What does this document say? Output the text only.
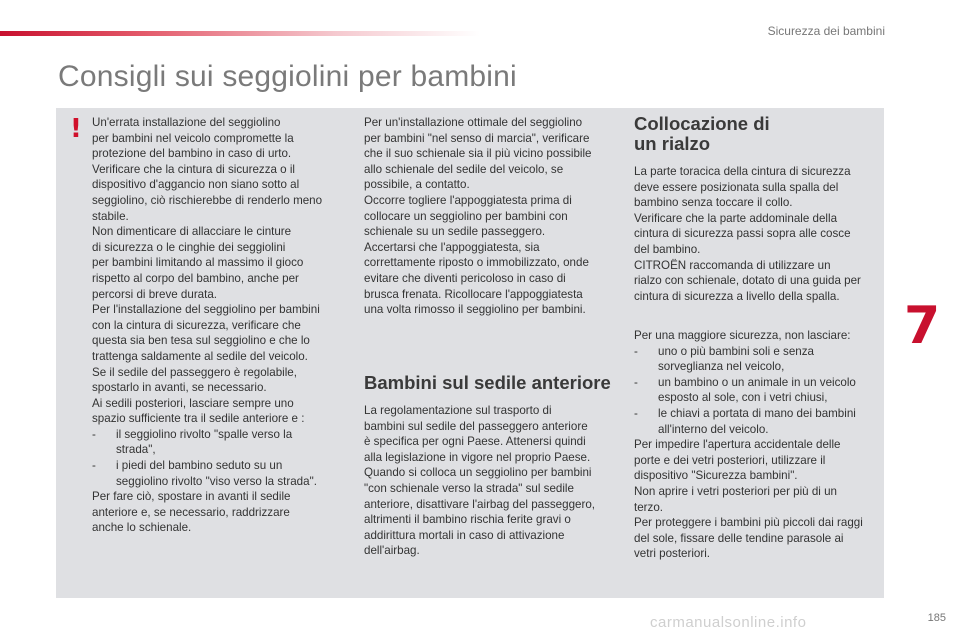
Sicurezza dei bambini
Consigli sui seggiolini per bambini
! Un'errata installazione del seggiolino
per bambini nel veicolo compromette la
protezione del bambino in caso di urto.
Verificare che la cintura di sicurezza o il
dispositivo d'aggancio non siano sotto al
seggiolino, ciò rischierebbe di renderlo meno
stabile.
Non dimenticare di allacciare le cinture
di sicurezza o le cinghie dei seggiolini
per bambini limitando al massimo il gioco
rispetto al corpo del bambino, anche per
percorsi di breve durata.
Per l'installazione del seggiolino per bambini
con la cintura di sicurezza, verificare che
questa sia ben tesa sul seggiolino e che lo
trattenga saldamente al sedile del veicolo.
Se il sedile del passeggero è regolabile,
spostarlo in avanti, se necessario.
Ai sedili posteriori, lasciare sempre uno
spazio sufficiente tra il sedile anteriore e :

- il seggiolino rivolto "spalle verso la
strada",
- i piedi del bambino seduto su un
seggiolino rivolto "viso verso la strada".

Per fare ciò, spostare in avanti il sedile
anteriore e, se necessario, raddrizzare
anche lo schienale.

Per un'installazione ottimale del seggiolino
per bambini "nel senso di marcia", verificare
che il suo schienale sia il più vicino possibile
allo schienale del sedile del veicolo, se
possibile, a contatto.
Occorre togliere l'appoggiatesta prima di
collocare un seggiolino per bambini con
schienale su un sedile passeggero.
Accertarsi che l'appoggiatesta, sia
correttamente riposto o immobilizzato, onde
evitare che diventi pericoloso in caso di
brusca frenata. Ricollocare l'appoggiatesta
una volta rimosso il seggiolino per bambini.

Bambini sul sedile anteriore

La regolamentazione sul trasporto di
bambini sul sedile del passeggero anteriore
è specifica per ogni Paese. Attenersi quindi
alla legislazione in vigore nel proprio Paese.
Quando si colloca un seggiolino per bambini
"con schienale verso la strada" sul sedile
anteriore, disattivare l'airbag del passeggero,
altrimenti il bambino rischia ferite gravi o
addirittura mortali in caso di attivazione
dell'airbag.

Collocazione di
un rialzo

La parte toracica della cintura di sicurezza
deve essere posizionata sulla spalla del
bambino senza toccare il collo.
Verificare che la parte addominale della
cintura di sicurezza passi sopra alle cosce
del bambino.
CITROËN raccomanda di utilizzare un
rialzo con schienale, dotato di una guida per
cintura di sicurezza a livello della spalla.

Per una maggiore sicurezza, non lasciare:

- uno o più bambini soli e senza
sorveglianza nel veicolo,
- un bambino o un animale in un veicolo
esposto al sole, con i vetri chiusi,
- le chiavi a portata di mano dei bambini
all'interno del veicolo.

Per impedire l'apertura accidentale delle
porte e dei vetri posteriori, utilizzare il
dispositivo "Sicurezza bambini".
Non aprire i vetri posteriori per più di un
terzo.
Per proteggere i bambini più piccoli dai raggi
del sole, fissare delle tendine parasole ai
vetri posteriori.

7
carmanualsonline.info	185
